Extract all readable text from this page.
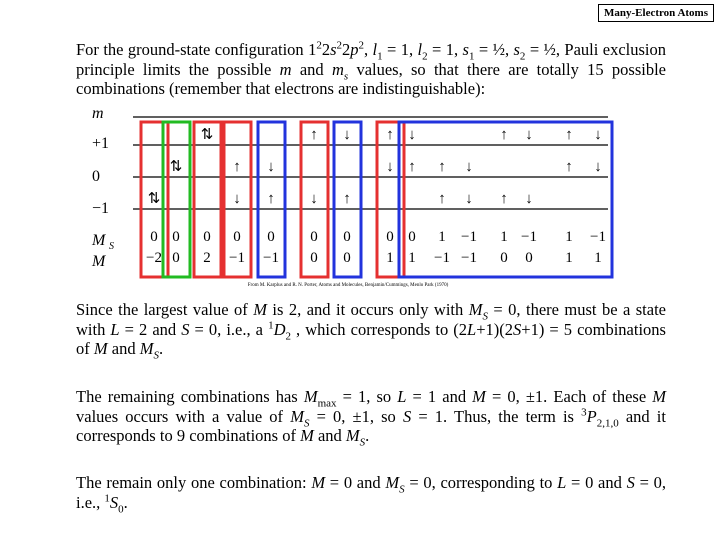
Many-Electron Atoms
For the ground-state configuration $1^22s^22p^2$, $l_1 = 1$, $l_2 = 1$, $s_1$ = ½, $s_2$ = ½, Pauli exclusion principle limits the possible m and $m_s$ values, so that there are totally 15 possible combinations (remember that electrons are indistinguishable):
m
+1
0
−1
M S
M
⇅
0
−2
⇅
0
0
⇅
0
2
↑
↓
0
−1
↓
↑
0
−1
↑
↓
0
0
↓
↑
0
0
↑
↓
0
1
↓
↑
0
1
↑
↑
1
−1
↓
↓
−1
−1
↑
↑
1
0
↓
↓
−1
0
↑
↑
1
1
↓
↓
−1
1
From M. Karplus and R. N. Porter, Atoms and Molecules, Benjamin/Cummings, Menlo Park (1970)
Since the largest value of M is 2, and it occurs only with $M_S = 0$, there must be a state with L = 2 and S = 0, i.e., a $^1D_2$ , which corresponds to (2L+1)(2S+1) = 5 combinations of M and $M_S$.
The remaining combinations has $M_{max} = 1$, so L = 1 and M = 0, ±1. Each of these M values occurs with a value of $M_S = 0$, ±1, so S = 1. Thus, the term is $^3P_{2,1,0}$ and it corresponds to 9 combinations of M and $M_S$.
The remain only one combination: M = 0 and $M_S = 0$, corresponding to L = 0 and S = 0, i.e., $^1S_0$.
